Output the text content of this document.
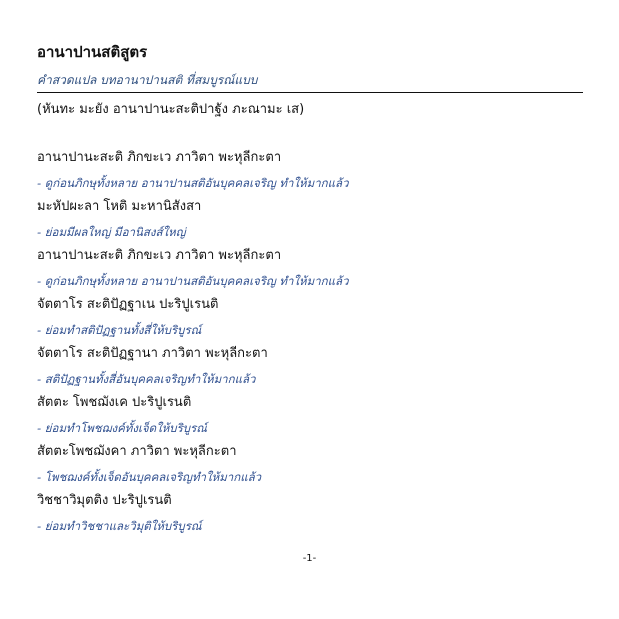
อานาปานสติสูตร
คำสวดแปล บทอานาปานสติ ที่สมบูรณ์แบบ
(หันทะ มะยัง อานาปานะสะติปาฐัง ภะณามะ เส)
อานาปานะสะติ ภิกขะเว ภาวิตา พะหุลีกะตา
- ดูก่อนภิกษุทั้งหลาย อานาปานสติอันบุคคลเจริญ ทำให้มากแล้ว
มะหัปผะลา โหติ มะหานิสังสา
- ย่อมมีผลใหญ่ มีอานิสงส์ใหญ่
อานาปานะสะติ ภิกขะเว ภาวิตา พะหุลีกะตา
- ดูก่อนภิกษุทั้งหลาย อานาปานสติอันบุคคลเจริญ ทำให้มากแล้ว
จัตตาโร สะติปัฏฐาเน ปะริปูเรนติ
- ย่อมทำสติปัฏฐานทั้งสี่ให้บริบูรณ์
จัตตาโร สะติปัฏฐานา ภาวิตา พะหุลีกะตา
- สติปัฏฐานทั้งสี่อันบุคคลเจริญทำให้มากแล้ว
สัตตะ โพชฌังเค ปะริปูเรนติ
- ย่อมทำโพชฌงค์ทั้งเจ็ดให้บริบูรณ์
สัตตะโพชฌังคา ภาวิตา พะหุลีกะตา
- โพชฌงค์ทั้งเจ็ดอันบุคคลเจริญทำให้มากแล้ว
วิชชาวิมุตติง ปะริปูเรนติ
- ย่อมทำวิชชาและวิมุติให้บริบูรณ์
-1-
